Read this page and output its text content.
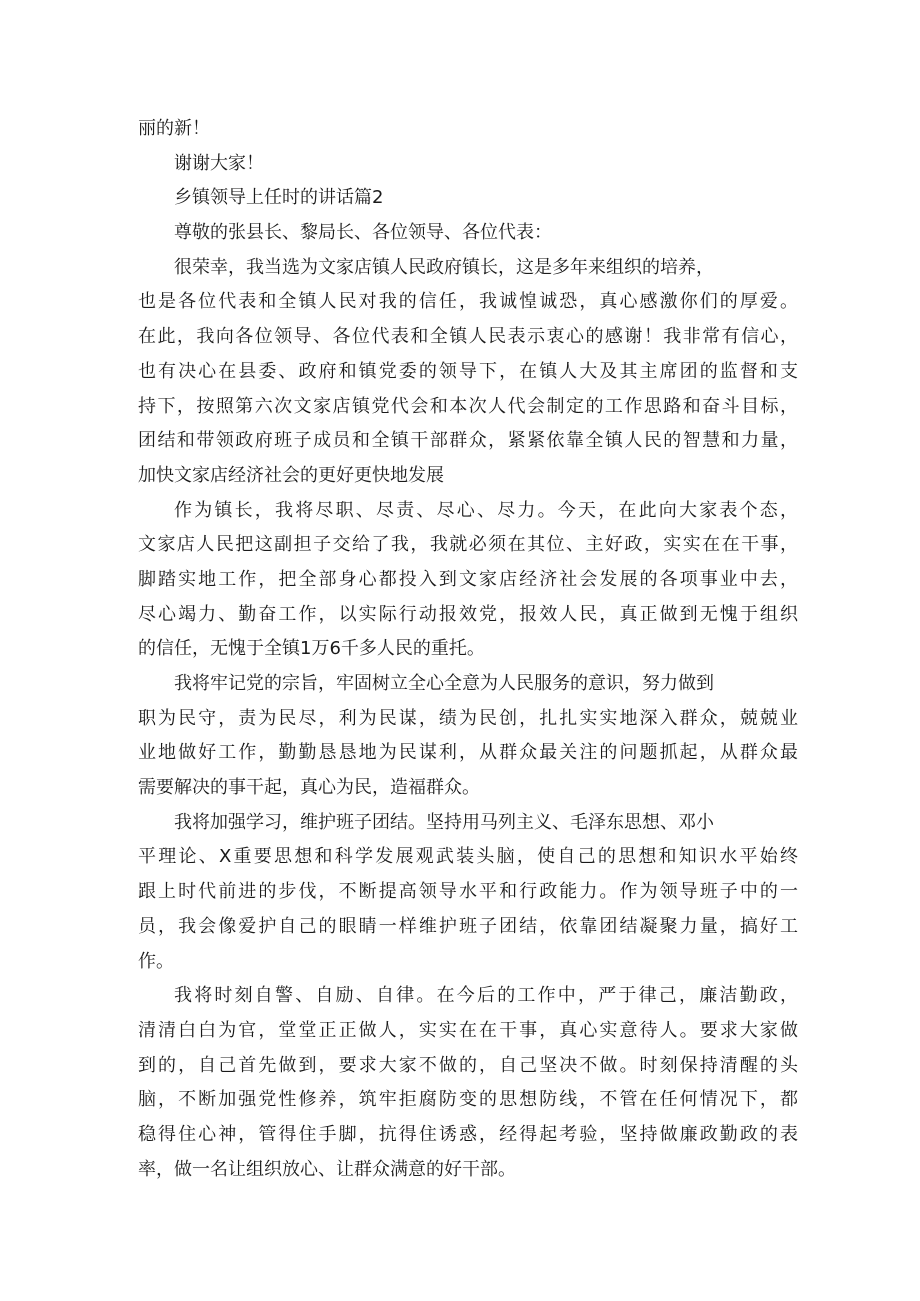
丽的新！
谢谢大家！
乡镇领导上任时的讲话篇2
尊敬的张县长、黎局长、各位领导、各位代表：
很荣幸，我当选为文家店镇人民政府镇长，这是多年来组织的培养，
也是各位代表和全镇人民对我的信任，我诚惶诚恐，真心感激你们的厚爱。
在此，我向各位领导、各位代表和全镇人民表示衷心的感谢！我非常有信心，
也有决心在县委、政府和镇党委的领导下，在镇人大及其主席团的监督和支
持下，按照第六次文家店镇党代会和本次人代会制定的工作思路和奋斗目标，
团结和带领政府班子成员和全镇干部群众，紧紧依靠全镇人民的智慧和力量，
加快文家店经济社会的更好更快地发展
作为镇长，我将尽职、尽责、尽心、尽力。今天，在此向大家表个态，
文家店人民把这副担子交给了我，我就必须在其位、主好政，实实在在干事，
脚踏实地工作，把全部身心都投入到文家店经济社会发展的各项事业中去，
尽心竭力、勤奋工作，以实际行动报效党，报效人民，真正做到无愧于组织
的信任，无愧于全镇1万6千多人民的重托。
我将牢记党的宗旨，牢固树立全心全意为人民服务的意识，努力做到
职为民守，责为民尽，利为民谋，绩为民创，扎扎实实地深入群众，兢兢业
业地做好工作，勤勤恳恳地为民谋利，从群众最关注的问题抓起，从群众最
需要解决的事干起，真心为民，造福群众。
我将加强学习，维护班子团结。坚持用马列主义、毛泽东思想、邓小
平理论、X重要思想和科学发展观武装头脑，使自己的思想和知识水平始终
跟上时代前进的步伐，不断提高领导水平和行政能力。作为领导班子中的一
员，我会像爱护自己的眼睛一样维护班子团结，依靠团结凝聚力量，搞好工
作。
我将时刻自警、自励、自律。在今后的工作中，严于律己，廉洁勤政，
清清白白为官，堂堂正正做人，实实在在干事，真心实意待人。要求大家做
到的，自己首先做到，要求大家不做的，自己坚决不做。时刻保持清醒的头
脑，不断加强党性修养，筑牢拒腐防变的思想防线，不管在任何情况下，都
稳得住心神，管得住手脚，抗得住诱惑，经得起考验，坚持做廉政勤政的表
率，做一名让组织放心、让群众满意的好干部。
